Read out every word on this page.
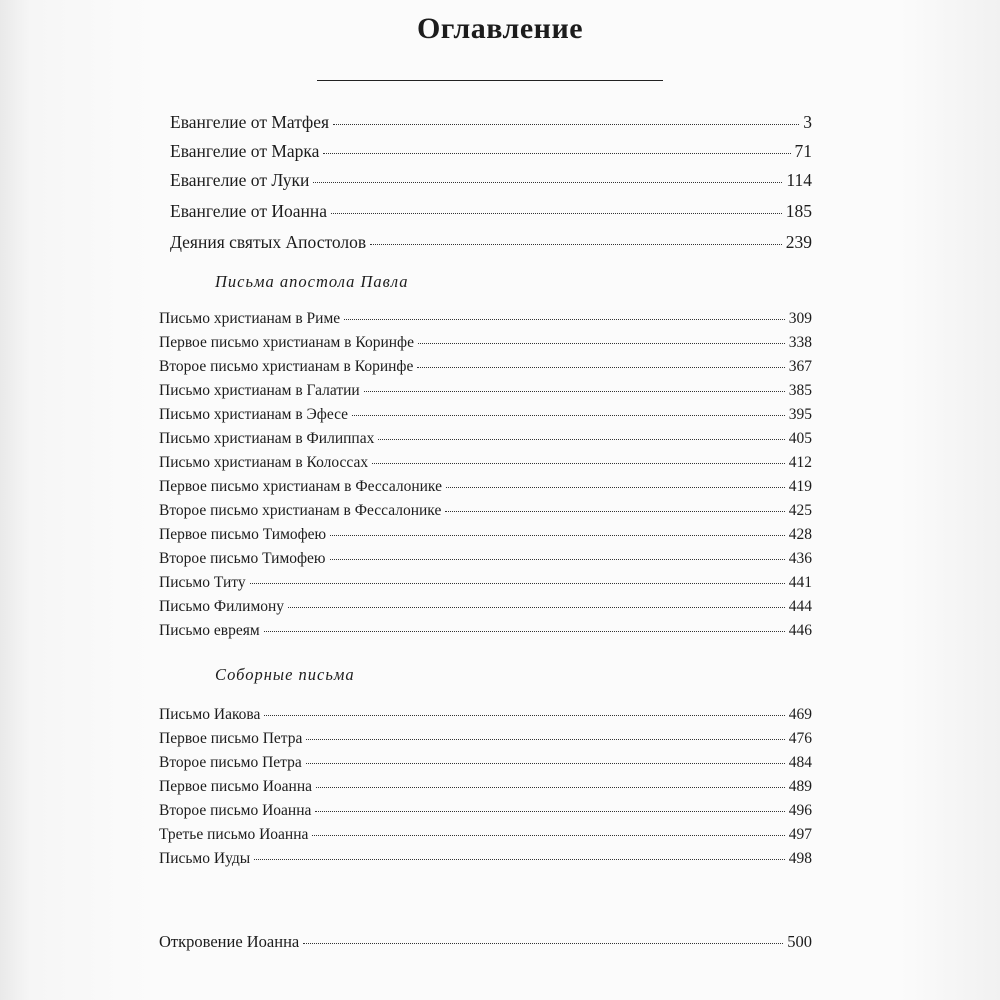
Оглавление
Евангелие от Матфея	3
Евангелие от Марка	71
Евангелие от Луки	114
Евангелие от Иоанна	185
Деяния святых Апостолов	239
Письма апостола Павла
Письмо христианам в Риме	309
Первое письмо христианам в Коринфе	338
Второе письмо христианам в Коринфе	367
Письмо христианам в Галатии	385
Письмо христианам в Эфесе	395
Письмо христианам в Филиппах	405
Письмо христианам в Колоссах	412
Первое письмо христианам в Фессалонике	419
Второе письмо христианам в Фессалонике	425
Первое письмо Тимофею	428
Второе письмо Тимофею	436
Письмо Титу	441
Письмо Филимону	444
Письмо евреям	446
Соборные письма
Письмо Иакова	469
Первое письмо Петра	476
Второе письмо Петра	484
Первое письмо Иоанна	489
Второе письмо Иоанна	496
Третье письмо Иоанна	497
Письмо Иуды	498
Откровение Иоанна	500
